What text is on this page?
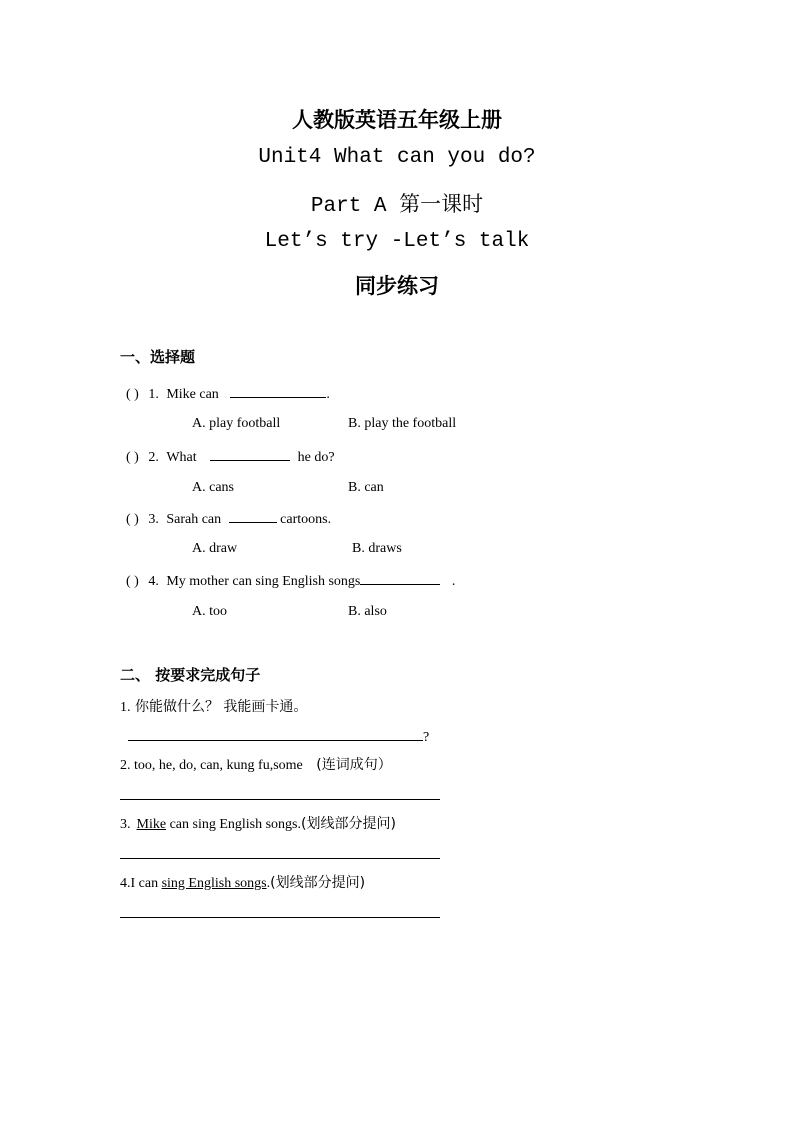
人教版英语五年级上册
Unit4 What can you do?
Part A 第一课时
Let’s try -Let’s talk
同步练习
一、选择题
( ) 1. Mike can	.
A. play football	B. play the football
( ) 2. What	he do?
A. cans	B. can
( ) 3. Sarah can	cartoons.
A. draw	B. draws
( ) 4. My mother can sing English songs	.
A. too	B. also
二、 按要求完成句子
1. 你能做什么？ 我能画卡通。
?
2. too, he, do, can, kung fu,some (连词成句）
3. Mike can sing English songs.(划线部分提问)
4.I can sing English songs.(划线部分提问)
